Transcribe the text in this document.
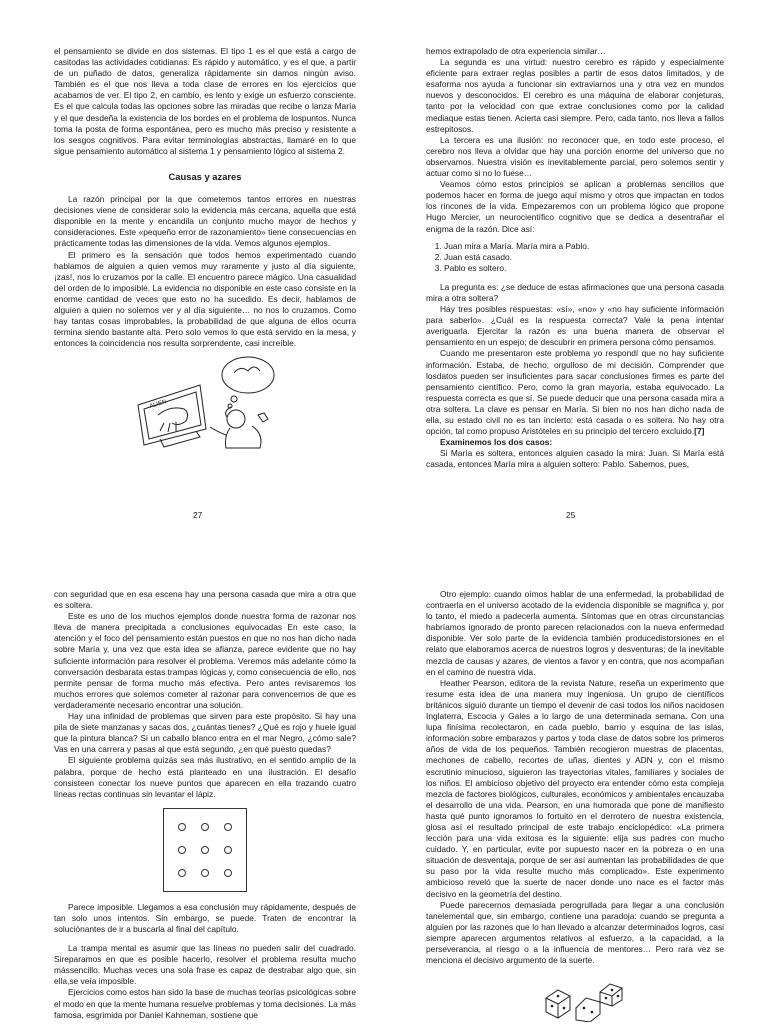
el pensamiento se divide en dos sistemas. El tipo 1 es el que está a cargo de casitodas las actividades cotidianas. Es rápido y automático, y es el que, a partir de un puñado de datos, generaliza rápidamente sin damos ningún aviso. También es el que nos lleva a toda clase de errores en los ejercicios que acabamos de ver. El tipo 2, en cambio, es lento y exige un esfuerzo consciente. Es el que calcula todas las opciones sobre las miradas que recibe o lanza María y el que desdeña la existencia de los bordes en el problema de lospuntos. Nunca toma la posta de forma espontánea, pero es mucho más preciso y resistente a los sesgos cognitivos. Para evitar terminologías abstractas, llamaré en lo que sigue pensamiento automático al sistema 1 y pensamiento lógico al sistema 2.

Causas y azares

La razón principal por la que cometemos tantos errores en nuestras decisiones viene de considerar solo la evidencia más cercana, aquella que está disponible en la mente y encandila un conjunto mucho mayor de hechos y consideraciones. Este «pequeño error de razonamiento» tiene consecuencias en prácticamente todas las dimensiones de la vida. Vemos algunos ejemplos.

El primero es la sensación que todos hemos experimentado cuando hablamos de alguien a quien vemos muy raramente y justo al día siguiente, ¡zas!, nos lo cruzamos por la calle. El encuentro parece mágico. Una casualidad del orden de lo imposible. La evidencia no disponible en este caso consiste en la enorme cantidad de veces que esto no ha sucedido. Es decir, hablamos de alguien a quien no solemos ver y al día siguiente… no nos lo cruzamos. Como hay tantas cosas improbables, la probabilidad de que alguna de ellos ocurra termina siendo bastante alta. Pero solo vemos lo que está servido en la mesa, y entonces la coincidencia nos resulta sorprendente, casi increíble.

ALIEN
27

hemos extrapolado de otra experiencia similar…

La segunda es una virtud: nuestro cerebro es rápido y especialmente eficiente para extraer reglas posibles a partir de esos datos limitados, y de esaforma nos ayuda a funcionar sin extraviarnos una y otra vez en mundos nuevos y desconocidos. El cerebro es una máquina de elaborar conjeturas, tanto por la velocidad con que extrae conclusiones como por la calidad mediaque estas tienen. Acierta casi siempre. Pero, cada tanto, nos lleva a fallos estrepitosos.

La tercera es una ilusión: no reconocer que, en todo este proceso, el cerebro nos lleva a olvidar que hay una porción enorme del universo que no observamos. Nuestra visión es inevitablemente parcial, pero solemos sentir y actuar como si no lo fuese…

Veamos cómo estos principios se aplican a problemas sencillos que podemos hacer en forma de juego aquí mismo y otros que impactan en todos los rincones de la vida. Empezaremos con un problema lógico que propone Hugo Mercier, un neurocientífico cognitivo que se dedica a desentrañar el enigma de la razón. Dice así:

1. Juan mira a María. María mira a Pablo.
2. Juan está casado.
3. Pablo es soltero.

La pregunta es: ¿se deduce de estas afirmaciones que una persona casada mira a otra soltera?

Hay tres posibles respuestas: «sí», «no» y «no hay suficiente información para saberlo». ¿Cuál es la respuesta correcta? Vale la pena intentar averiguarla. Ejercitar la razón es una buena manera de observar el pensamiento en un espejo; de descubrir en primera persona cómo pensamos.

Cuando me presentaron este problema yo respondí que no hay suficiente información. Estaba, de hecho, orgulloso de mi decisión. Comprender que losdatos pueden ser insuficientes para sacar conclusiones firmes es parte del pensamiento científico. Pero, como la gran mayoría, estaba equivocado. La respuesta correcta es que sí. Se puede deducir que una persona casada mira a otra soltera. La clave es pensar en María. Si bien no nos han dicho nada de ella, su estado civil no es tan incierto: está casada o es soltera. No hay otra opción, tal como propuso Aristóteles en su principio del tercero excluido.[7]

Examinemos los dos casos:

Si María es soltera, entonces alguien casado la mira: Juan. Si María está casada, entonces María mira a alguien soltero: Pablo. Sabemos, pues,

25

con seguridad que en esa escena hay una persona casada que mira a otra que es soltera.

Este es uno de los muchos ejemplos donde nuestra forma de razonar nos lleva de manera precipitada a conclusiones equivocadas En este caso, la atención y el foco del pensamiento están puestos en que no nos han dicho nada sobre María y, una vez que esta idea se afianza, parece evidente que no hay suficiente información para resolver el problema. Veremos más adelante cómo la conversación desbarata estas trampas lógicas y, como consecuencia de ello, nos permite pensar de forma mucho más efectiva. Pero antes revisaremos los muchos errores que solemos cometer al razonar para convencernos de que es verdaderamente necesario encontrar una solución.

Hay una infinidad de problemas que sirven para este propósito. Si hay una pila de siete manzanas y sacas dos, ¿cuántas tienes? ¿Qué es rojo y huele igual que la pintura blanca? Si un caballo blanco entra en el mar Negro, ¿cómo sale? Vas en una carrera y pasas al que está segundo, ¿en qué puesto quedas?

El siguiente problema quizás sea más ilustrativo, en el sentido amplio de la palabra, porque de hecho está planteado en una ilustración. El desafío consisteen conectar los nueve puntos que aparecen en ella trazando cuatro líneas rectas continuas sin levantar el lápiz.

Parece imposible. Llegamos a esa conclusión muy rápidamente, después de tan solo unos intentos. Sin embargo, se puede. Traten de encontrar la soluciónantes de ir a buscarla al final del capítulo.

La trampa mental es asumir que las líneas no pueden salir del cuadrado. Sireparamos en que es posible hacerlo, resolver el problema resulta mucho mássencillo. Muchas veces una sola frase es capaz de destrabar algo que, sin ella,se veía imposible.

Ejercicios como estos han sido la base de muchas teorías psicológicas sobre el modo en que la mente humana resuelve problemas y toma decisiones. La más famosa, esgrimida por Daniel Kahneman, sostiene que

Otro ejemplo: cuando oímos hablar de una enfermedad, la probabilidad de contraerla en el universo acotado de la evidencia disponible se magnifica y, por lo tanto, el miedo a padecerla aumenta. Síntomas que en otras circunstancias habríamos ignorado de pronto parecen relacionados con la nueva enfermedad disponible. Ver solo parte de la evidencia también producedistorsiones en el relato que elaboramos acerca de nuestros logros y desventuras; de la inevitable mezcla de causas y azares, de vientos a favor y en contra, que nos acompañan en el camino de nuestra vida.

Heather Pearson, editora de la revista Nature, reseña un experimento que resume esta idea de una manera muy ingeniosa. Un grupo de científicos británicos siguió durante un tiempo el devenir de casi todos los niños nacidosen Inglaterra, Escocia y Gales a lo largo de una determinada semana. Con una lupa finísima recolectaron, en cada pueblo, barrio y esquina de las islas, información sobre embarazos y partos y toda clase de datos sobre los primeros años de vida de los pequeños. También recogieron muestras de placentas, mechones de cabello, recortes de uñas, dientes y ADN y, con el mismo escrutinio minucioso, siguieron las trayectorias vitales, familiares y sociales de los niños. El ambicioso objetivo del proyecto era entender cómo esta compleja mezcla de factores biológicos, culturales, económicos y ambientales encauzaba el desarrollo de una vida. Pearson, en una humorada que pone de manifiesto hasta qué punto ignoramos lo fortuito en el derrotero de nuestra existencia, glosa así el resultado principal de este trabajo enciclopédico: «La primera lección para una vida exitosa es la siguiente: elija sus padres con mucho cuidado. Y, en particular, evite por supuesto nacer en la pobreza o en una situación de desventaja, porque de ser así aumentan las probabilidades de que su paso por la vida resulte mucho más complicado». Este experimento ambicioso reveló que la suerte de nacer donde uno nace es el factor más decisivo en la geometría del destino.

Puede parecernos demasiada perogrullada para llegar a una conclusión tanelemental que, sin embargo, contiene una paradoja: cuando se pregunta a alguien por las razones que lo han llevado a alcanzar determinados logros, casi siempre aparecen argumentos relativos al esfuerzo, a la capacidad, a la perseverancia, al riesgo o a la influencia de mentores… Pero rara vez se menciona el decisivo argumento de la suerte.
